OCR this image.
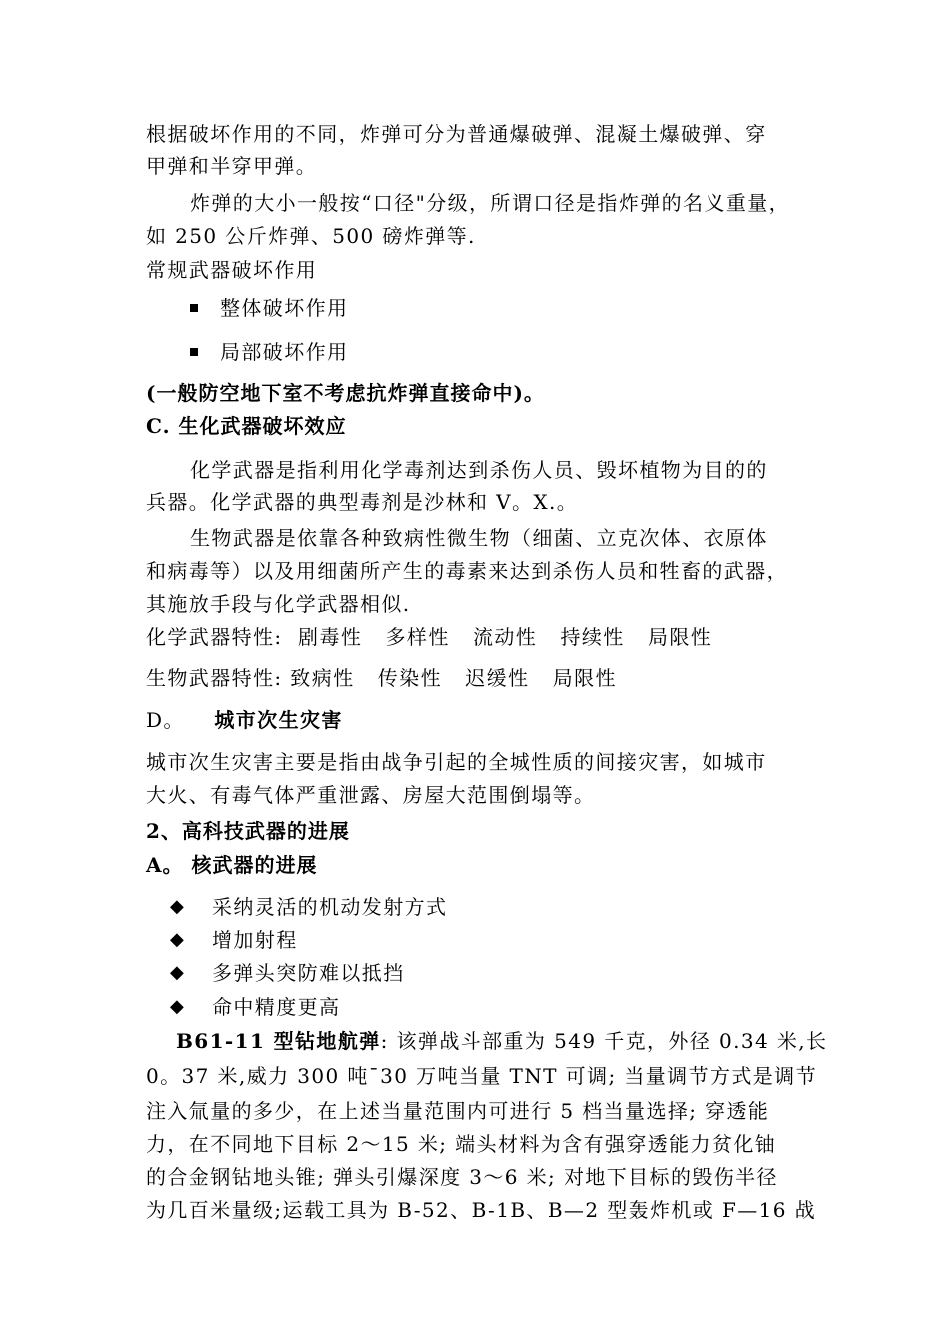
根据破坏作用的不同，炸弹可分为普通爆破弹、混凝土爆破弹、穿
甲弹和半穿甲弹。
炸弹的大小一般按“口径"分级，所谓口径是指炸弹的名义重量，
如 250 公斤炸弹、500 磅炸弹等.
常规武器破坏作用
整体破坏作用
局部破坏作用
(一般防空地下室不考虑抗炸弹直接命中)。
C. 生化武器破坏效应
化学武器是指利用化学毒剂达到杀伤人员、毁坏植物为目的的
兵器。化学武器的典型毒剂是沙林和 V。X.。
生物武器是依靠各种致病性微生物（细菌、立克次体、衣原体
和病毒等）以及用细菌所产生的毒素来达到杀伤人员和牲畜的武器，
其施放手段与化学武器相似.
化学武器特性:  剧毒性   多样性   流动性   持续性   局限性
生物武器特性: 致病性   传染性   迟缓性   局限性
D。 城市次生灾害
城市次生灾害主要是指由战争引起的全城性质的间接灾害，如城市
大火、有毒气体严重泄露、房屋大范围倒塌等。
2、高科技武器的进展
A。 核武器的进展
◆ 采纳灵活的机动发射方式
◆ 增加射程
◆ 多弹头突防难以抵挡
◆ 命中精度更高
B61-11 型钻地航弹: 该弹战斗部重为 549 千克，外径 0.34 米,长
0。37 米,威力 300 吨¯30 万吨当量 TNT 可调; 当量调节方式是调节
注入氚量的多少，在上述当量范围内可进行 5 档当量选择; 穿透能
力，在不同地下目标 2～15 米; 端头材料为含有强穿透能力贫化铀
的合金钢钻地头锥; 弹头引爆深度 3～6 米; 对地下目标的毁伤半径
为几百米量级;运载工具为 B-52、B-1B、B—2 型轰炸机或 F—16 战
